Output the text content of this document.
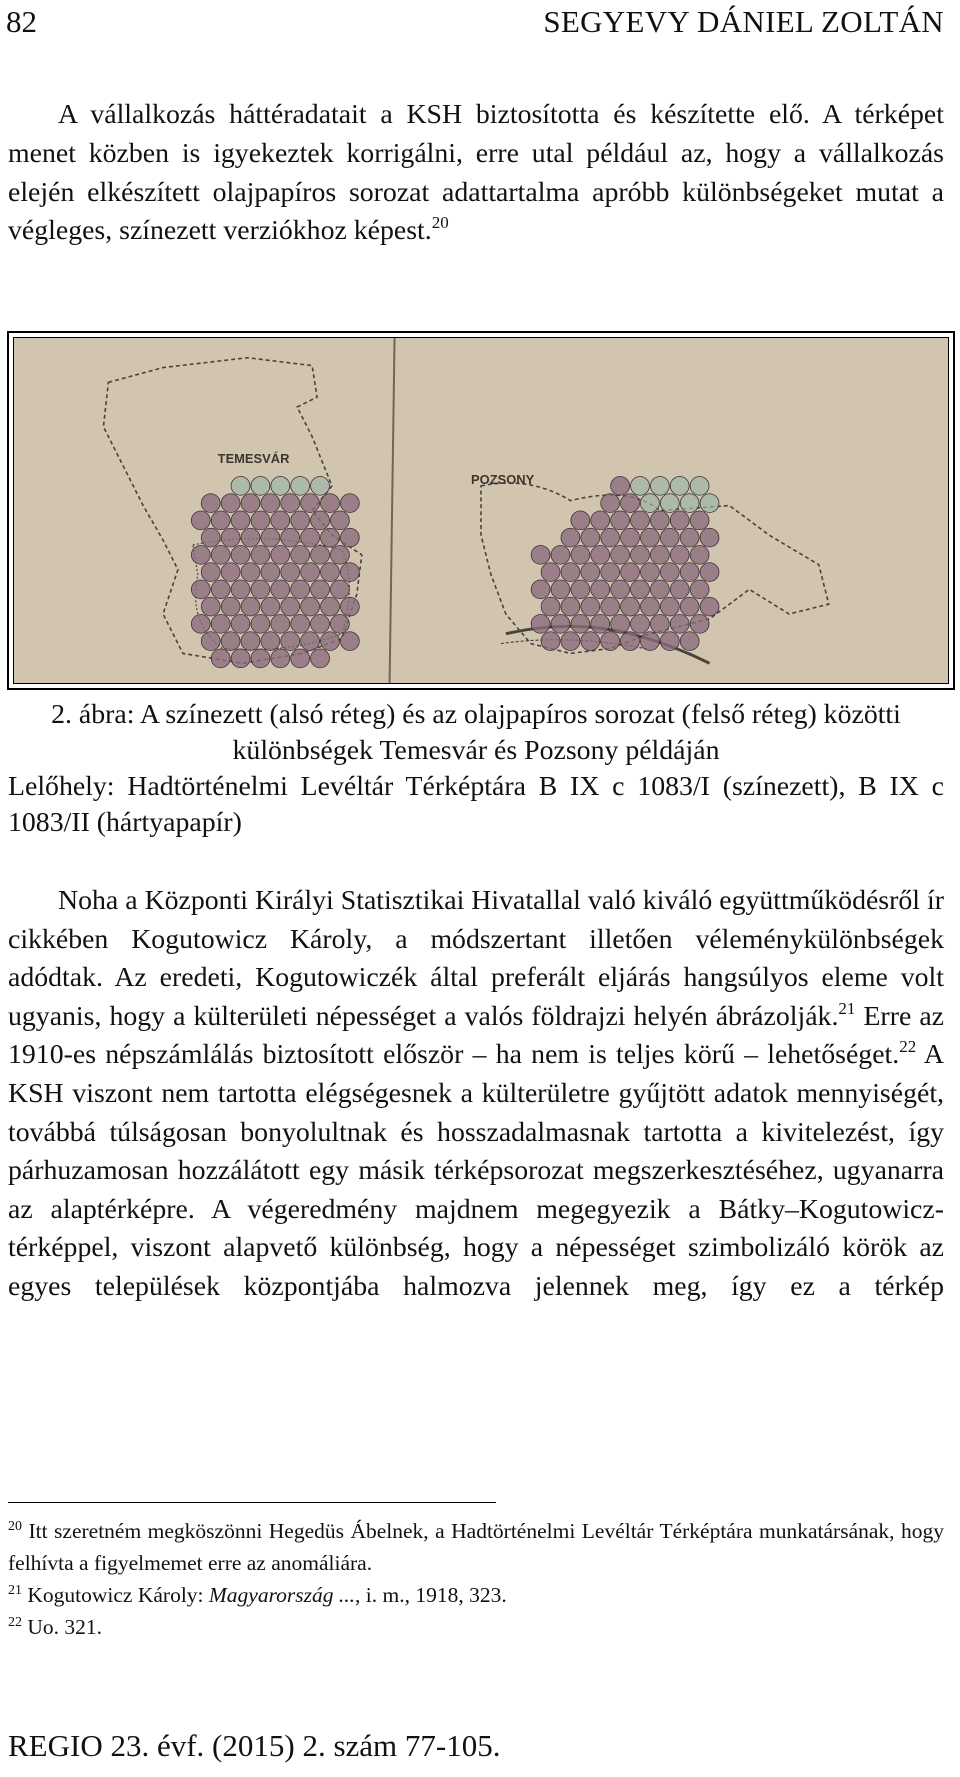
82	SEGYEVY DÁNIEL ZOLTÁN

A vállalkozás háttéradatait a KSH biztosította és készítette elő. A térképet menet közben is igyekeztek korrigálni, erre utal például az, hogy a vállalkozás elején elkészített olajpapíros sorozat adattartalma apróbb különbségeket mutat a végleges, színezett verziókhoz képest.$^{20}$

TEMESVÁR
POZSONY

2. ábra: A színezett (alsó réteg) és az olajpapíros sorozat (felső réteg) közötti különbségek Temesvár és Pozsony példáján
Lelőhely: Hadtörténelmi Levéltár Térképtára B IX c 1083/I (színezett), B IX c 1083/II (hártyapapír)

Noha a Központi Királyi Statisztikai Hivatallal való kiváló együttműködésről ír cikkében Kogutowicz Károly, a módszertant illetően véleménykülönbségek adódtak. Az eredeti, Kogutowiczék által preferált eljárás hangsúlyos eleme volt ugyanis, hogy a külterületi népességet a valós földrajzi helyén ábrázolják.$^{21}$ Erre az 1910-es népszámlálás biztosított először – ha nem is teljes körű – lehetőséget.$^{22}$ A KSH viszont nem tartotta elégségesnek a külterületre gyűjtött adatok mennyiségét, továbbá túlságosan bonyolultnak és hosszadalmasnak tartotta a kivitelezést, így párhuzamosan hozzálátott egy másik térképsorozat megszerkesztéséhez, ugyanarra az alaptérképre. A végeredmény majdnem megegyezik a Bátky–Kogutowicz-térképpel, viszont alapvető különbség, hogy a népességet szimbolizáló körök az egyes települések központjába halmozva jelennek meg, így ez a térkép

$^{20}$ Itt szeretném megköszönni Hegedüs Ábelnek, a Hadtörténelmi Levéltár Térképtára munkatársának, hogy felhívta a figyelmemet erre az anomáliára.
$^{21}$ Kogutowicz Károly: Magyarország ..., i. m., 1918, 323.
$^{22}$ Uo. 321.
REGIO 23. évf. (2015) 2. szám 77-105.
